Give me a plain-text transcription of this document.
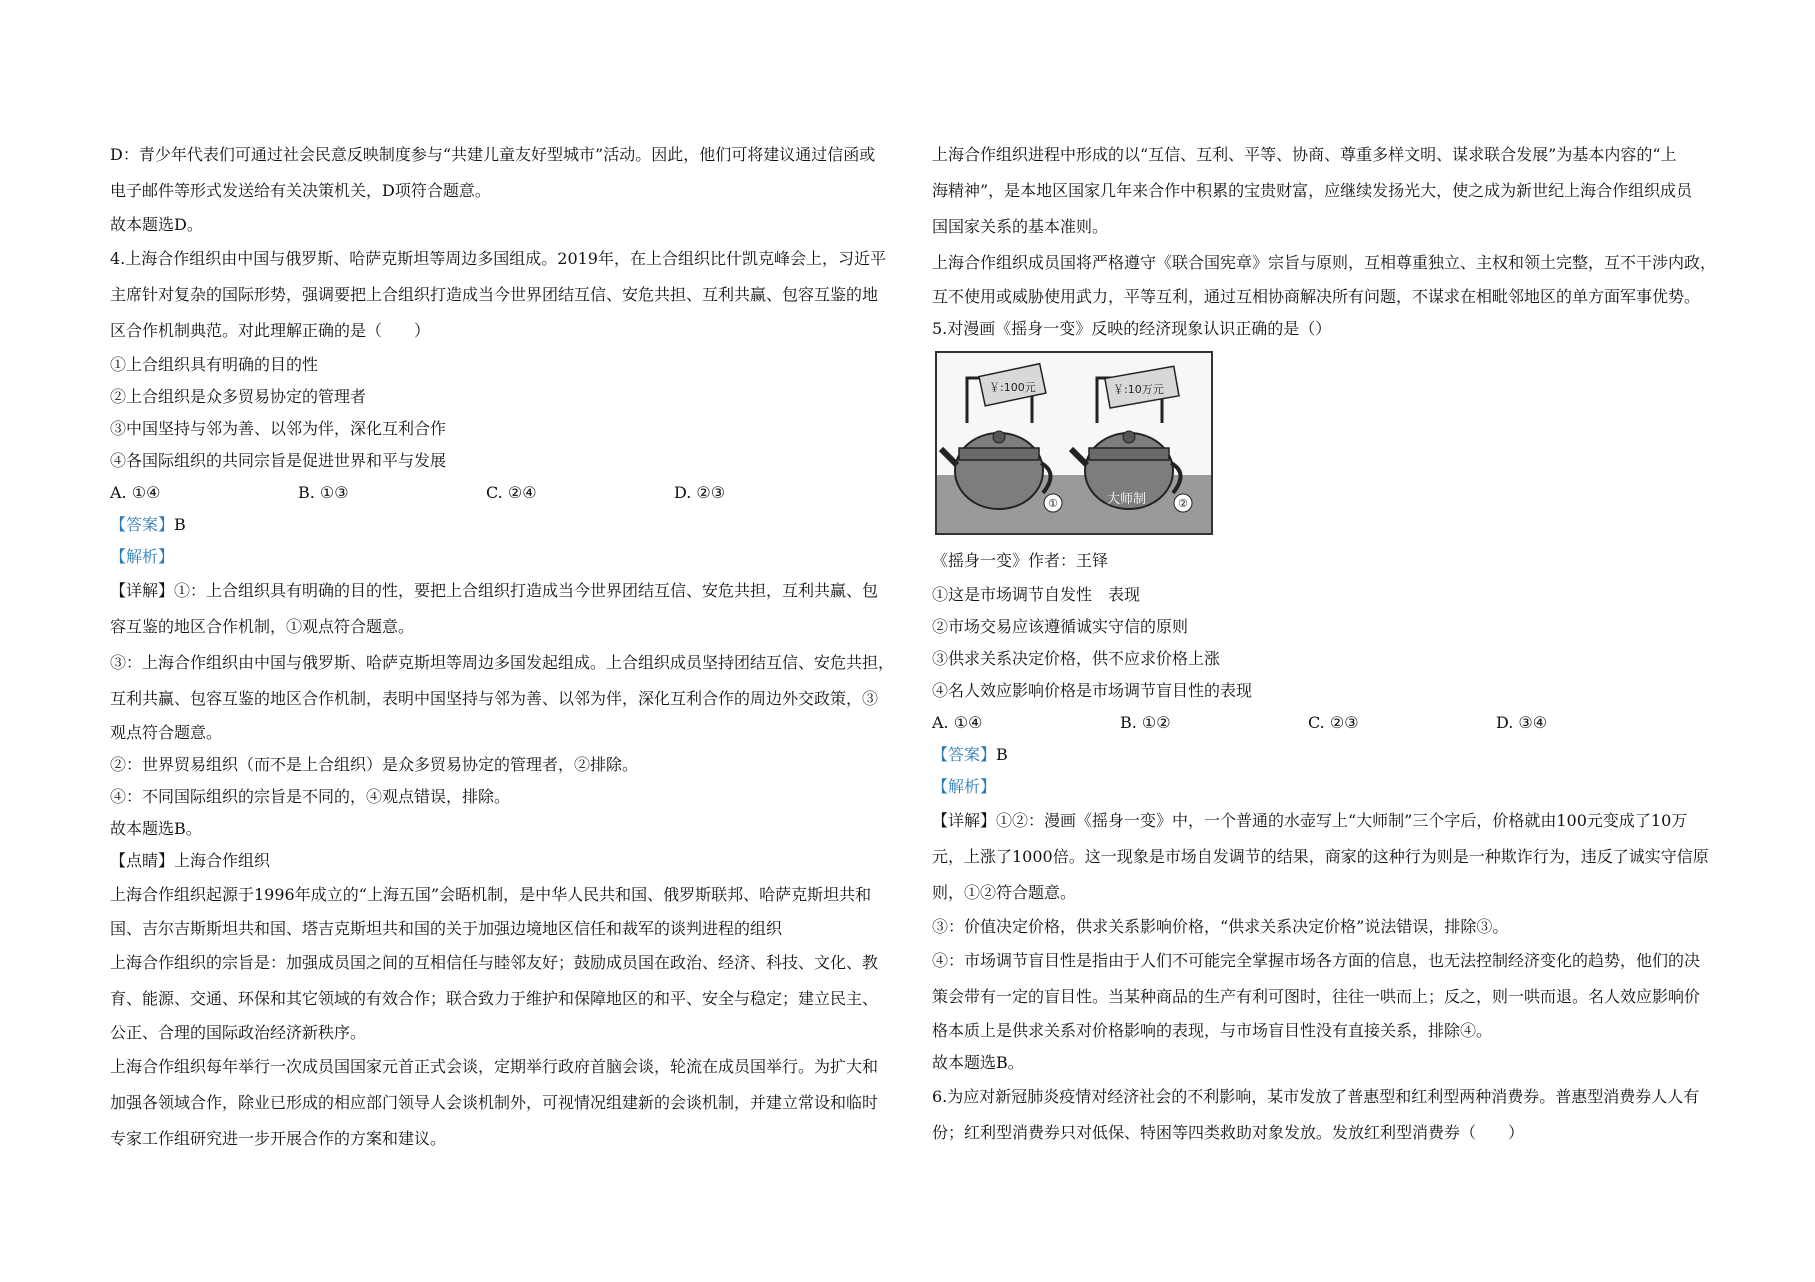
D：青少年代表们可通过社会民意反映制度参与“共建儿童友好型城市”活动。因此，他们可将建议通过信函或

电子邮件等形式发送给有关决策机关，D项符合题意。

故本题选D。

4.上海合作组织由中国与俄罗斯、哈萨克斯坦等周边多国组成。2019年，在上合组织比什凯克峰会上，习近平

主席针对复杂的国际形势，强调要把上合组织打造成当今世界团结互信、安危共担、互利共赢、包容互鉴的地

区合作机制典范。对此理解正确的是（　　）

①上合组织具有明确的目的性

②上合组织是众多贸易协定的管理者

③中国坚持与邻为善、以邻为伴，深化互利合作

④各国际组织的共同宗旨是促进世界和平与发展

A. ①④	B. ①③	C. ②④	D. ②③

【答案】B

【解析】

【详解】①：上合组织具有明确的目的性，要把上合组织打造成当今世界团结互信、安危共担，互利共赢、包

容互鉴的地区合作机制，①观点符合题意。

③：上海合作组织由中国与俄罗斯、哈萨克斯坦等周边多国发起组成。上合组织成员坚持团结互信、安危共担，

互利共赢、包容互鉴的地区合作机制，表明中国坚持与邻为善、以邻为伴，深化互利合作的周边外交政策，③

观点符合题意。

②：世界贸易组织（而不是上合组织）是众多贸易协定的管理者，②排除。

④：不同国际组织的宗旨是不同的，④观点错误，排除。

故本题选B。

【点睛】上海合作组织

上海合作组织起源于1996年成立的“上海五国”会晤机制，是中华人民共和国、俄罗斯联邦、哈萨克斯坦共和

国、吉尔吉斯斯坦共和国、塔吉克斯坦共和国的关于加强边境地区信任和裁军的谈判进程的组织

上海合作组织的宗旨是：加强成员国之间的互相信任与睦邻友好；鼓励成员国在政治、经济、科技、文化、教

育、能源、交通、环保和其它领域的有效合作；联合致力于维护和保障地区的和平、安全与稳定；建立民主、

公正、合理的国际政治经济新秩序。

上海合作组织每年举行一次成员国国家元首正式会谈，定期举行政府首脑会谈，轮流在成员国举行。为扩大和

加强各领域合作，除业已形成的相应部门领导人会谈机制外，可视情况组建新的会谈机制，并建立常设和临时

专家工作组研究进一步开展合作的方案和建议。

上海合作组织进程中形成的以“互信、互利、平等、协商、尊重多样文明、谋求联合发展”为基本内容的“上

海精神”，是本地区国家几年来合作中积累的宝贵财富，应继续发扬光大，使之成为新世纪上海合作组织成员

国国家关系的基本准则。

上海合作组织成员国将严格遵守《联合国宪章》宗旨与原则，互相尊重独立、主权和领土完整，互不干涉内政，

互不使用或威胁使用武力，平等互利，通过互相协商解决所有问题，不谋求在相毗邻地区的单方面军事优势。

5.对漫画《摇身一变》反映的经济现象认识正确的是（）

￥:100元
①
￥:10万元
大师制	②

《摇身一变》作者：王铎

①这是市场调节自发性　表现

②市场交易应该遵循诚实守信的原则

③供求关系决定价格，供不应求价格上涨

④名人效应影响价格是市场调节盲目性的表现

A. ①④	B. ①②	C. ②③	D. ③④

【答案】B

【解析】

【详解】①②：漫画《摇身一变》中，一个普通的水壶写上“大师制”三个字后，价格就由100元变成了10万

元，上涨了1000倍。这一现象是市场自发调节的结果，商家的这种行为则是一种欺诈行为，违反了诚实守信原

则，①②符合题意。

③：价值决定价格，供求关系影响价格，“供求关系决定价格”说法错误，排除③。

④：市场调节盲目性是指由于人们不可能完全掌握市场各方面的信息，也无法控制经济变化的趋势，他们的决

策会带有一定的盲目性。当某种商品的生产有利可图时，往往一哄而上；反之，则一哄而退。名人效应影响价

格本质上是供求关系对价格影响的表现，与市场盲目性没有直接关系，排除④。

故本题选B。

6.为应对新冠肺炎疫情对经济社会的不利影响，某市发放了普惠型和红利型两种消费券。普惠型消费券人人有

份；红利型消费券只对低保、特困等四类救助对象发放。发放红利型消费券（　　）
